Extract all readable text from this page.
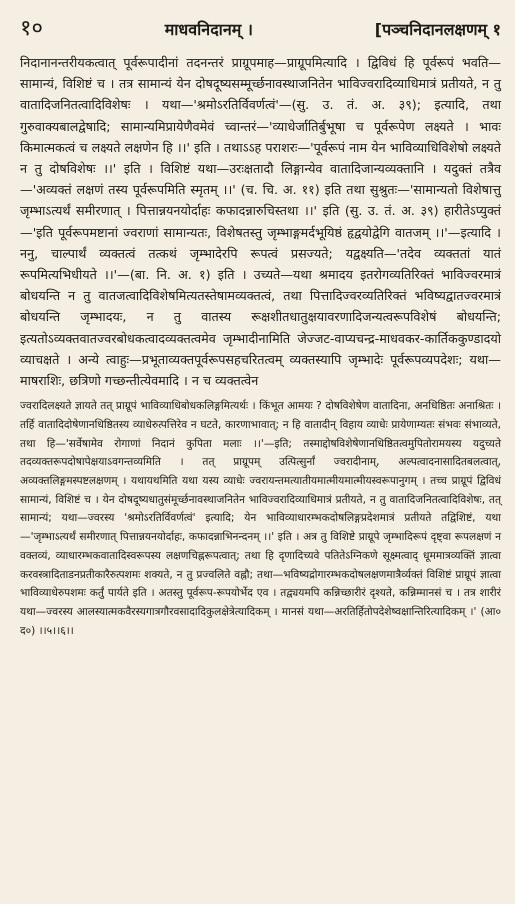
१०	माधवनिदानम् ।	[पञ्चनिदानलक्षणम् १

निदानानन्तरीयकत्वात् पूर्वरूपादीनां तदनन्तरं प्राग्रूपमाह—प्राग्रूपमित्यादि । द्विविधं हि पूर्वरूपं भवति—सामान्यं, विशिष्टं च । तत्र सामान्यं येन दोषदूष्यसम्मूर्च्छनावस्थाजनितेन भाविज्वरादिव्याधिमात्रं प्रतीयते, न तु वातादिजनितत्वादिविशेषः । यथा—'श्रमोऽरतिर्विवर्णत्वं'—(सु. उ. तं. अ. ३९); इत्यादि, तथा गुरुवाक्यबालद्वेषादि; सामान्यमिप्रायेणैवमेवं च्वान्तरं—'व्याधेर्जातिर्बुभूषा च पूर्वरूपेण लक्ष्यते । भावः किमात्मकत्वं च लक्ष्यते लक्षणेन हि ।।' इति । तथाऽऽह पराशरः—'पूर्वरूपं नाम येन भाविव्याधिविशेषो लक्ष्यते न तु दोषविशेषः ।।' इति । विशिष्टं यथा—उरःक्षतादौ लिङ्गान्येव वातादिजान्यव्यक्तानि । यदुक्तं तत्रैव—'अव्यक्तं लक्षणं तस्य पूर्वरूपमिति स्मृतम् ।।' (च. चि. अ. ११) इति तथा सुश्रुतः—'सामान्यतो विशेषात्तु जृम्भाऽत्यर्थं समीरणात् । पित्तान्नयनयोर्दाहः कफादन्नारुचिस्तथा ।।' इति (सु. उ. तं. अ. ३९) हारीतेऽप्युक्तं—'इति पूर्वरूपमष्टानां ज्वराणां सामान्यतः, विशेषतस्तु जृम्भाङ्गमर्दभूयिष्ठं हृद्वयोद्वेगि वातजम् ।।'—इत्यादि । ननु, चाल्पार्थं व्यक्तत्वं तत्कथं जृम्भादेरपि रूपत्वं प्रसज्यते; यद्वक्ष्यति—'तदेव व्यक्ततां यातं रूपमित्यभिधीयते ।।'—(बा. नि. अ. १) इति । उच्यते—यथा श्रमादय इतरोगव्यतिरिक्तं भाविज्वरमात्रं बोधयन्ति न तु वातजत्वादिविशेषमित्यतस्तेषामव्यक्तत्वं, तथा पित्तादिज्वरव्यतिरिक्तं भविष्यद्वातज्वरमात्रं बोधयन्ति जृम्भादयः, न तु वातस्य रूक्षशीतधातुक्षयावरणादिजन्यत्वरूपविशेषं बोधयन्ति; इत्यतोऽव्यक्तवातज्वरबोधकत्वादव्यक्तत्वमेव जृम्भादीनामिति जेज्जट-वाप्यचन्द्र-माधवकर-कार्तिककुण्डादयो व्याचक्षते । अन्ये त्वाहुः—प्रभूताव्यक्तपूर्वरूपसहचरितत्वम् व्यक्तस्यापि जृम्भादेः पूर्वरूपव्यपदेशः; यथा—माषराशिः, छत्रिणो गच्छन्तीत्येवमादि । न च व्यक्तत्वेन

ज्वरादिलक्ष्यते ज्ञायते तत् प्राग्रूपं भाविव्याधिबोधकलिङ्गमित्यर्थः । किंभूत आमयः ? दोषविशेषेण वातादिना, अनधिष्ठितः अनाश्रितः । तर्हि वातादिदोषेणानधिष्ठितस्य व्याधेरुत्पत्तिरेव न घटते, कारणाभावात्; न हि वातादीन् विहाय व्याधेः प्रायेणाम्यतः संभवः संभाव्यते, तथा हि—'सर्वेषामेव रोगाणां निदानं कुपिता मलाः ।।'—इति; तस्माद्दोषविशेषेणानधिष्ठितत्वमुपितोरामयस्य यदुच्यते तदव्यक्तरूपदोषापेक्षयाऽवगन्तव्यमिति । तत् प्राग्रूपम् उत्पित्सुर्नां ज्वरादीनाम्, अल्पत्वादनासादितबलत्वात्, अव्यक्तलिङ्गमस्पष्टलक्षणम् । यथायथमिति यथा यस्य व्याधेः ज्वरायन्तमत्यातीयमात्मीयमात्मीयस्वरूपानुगम् । तच्च प्राग्रूपं द्विविधं सामान्यं, विशिष्टं च । येन दोषदूष्यधातुसंमूर्च्छनावस्थाजनितेन भाविज्वरादिव्याधिमात्रं प्रतीयते, न तु वातादिजनितत्वादिविशेषः, तत् सामान्यं; यथा—ज्वरस्य 'श्रमोऽरतिर्विवर्णत्वं' इत्यादि; येन भाविव्याधारम्भकदोषलिङ्गप्रदेशमात्रं प्रतीयते तद्विशिष्टं, यथा—'जृम्भाऽत्यर्थं समीरणात् पित्तान्नयनयोर्दाहः, कफादन्नाभिनन्दनम् ।।' इति । अत्र तु विशिष्टे प्राग्रूपे जृम्भादिरूपं दृष्ट्वा रूपलक्षणं न वक्तव्यं, व्याधारम्भकवातादिस्वरूपस्य लक्षणचिह्नरूपत्वात्; तथा हि दृणादिच्यवे पतितेऽग्निकणे सूक्ष्मत्वाद् धूममात्रव्यक्तिं ज्ञात्वा करवस्त्रादिताडनप्रतीकारैरुत्पशमः शक्यते, न तु प्रज्वलिते वह्नौ; तथा—भविष्यद्रोगारम्भकदोषलक्षणमात्रैर्व्यक्तं विशिष्टं प्राग्रूपं ज्ञात्वा भाविव्याधेरुपशमः कर्तुं पार्यते इति । अतस्तु पूर्वरूप-रूपयोर्भेद एव । तद्व्ययमपि कन्निच्छारीरं दृश्यते, कन्निम्मानसं च । तत्र शारीरं यथा—ज्वरस्य आलस्यात्मकवैरस्यगात्रगौरवसादादिकुलक्षेत्रेत्यादिकम् । मानसं यथा—अरतिर्हितोपदेशेष्वक्षान्तिरित्यादिकम् ।' (आ० द०) ।।५।।६।।
